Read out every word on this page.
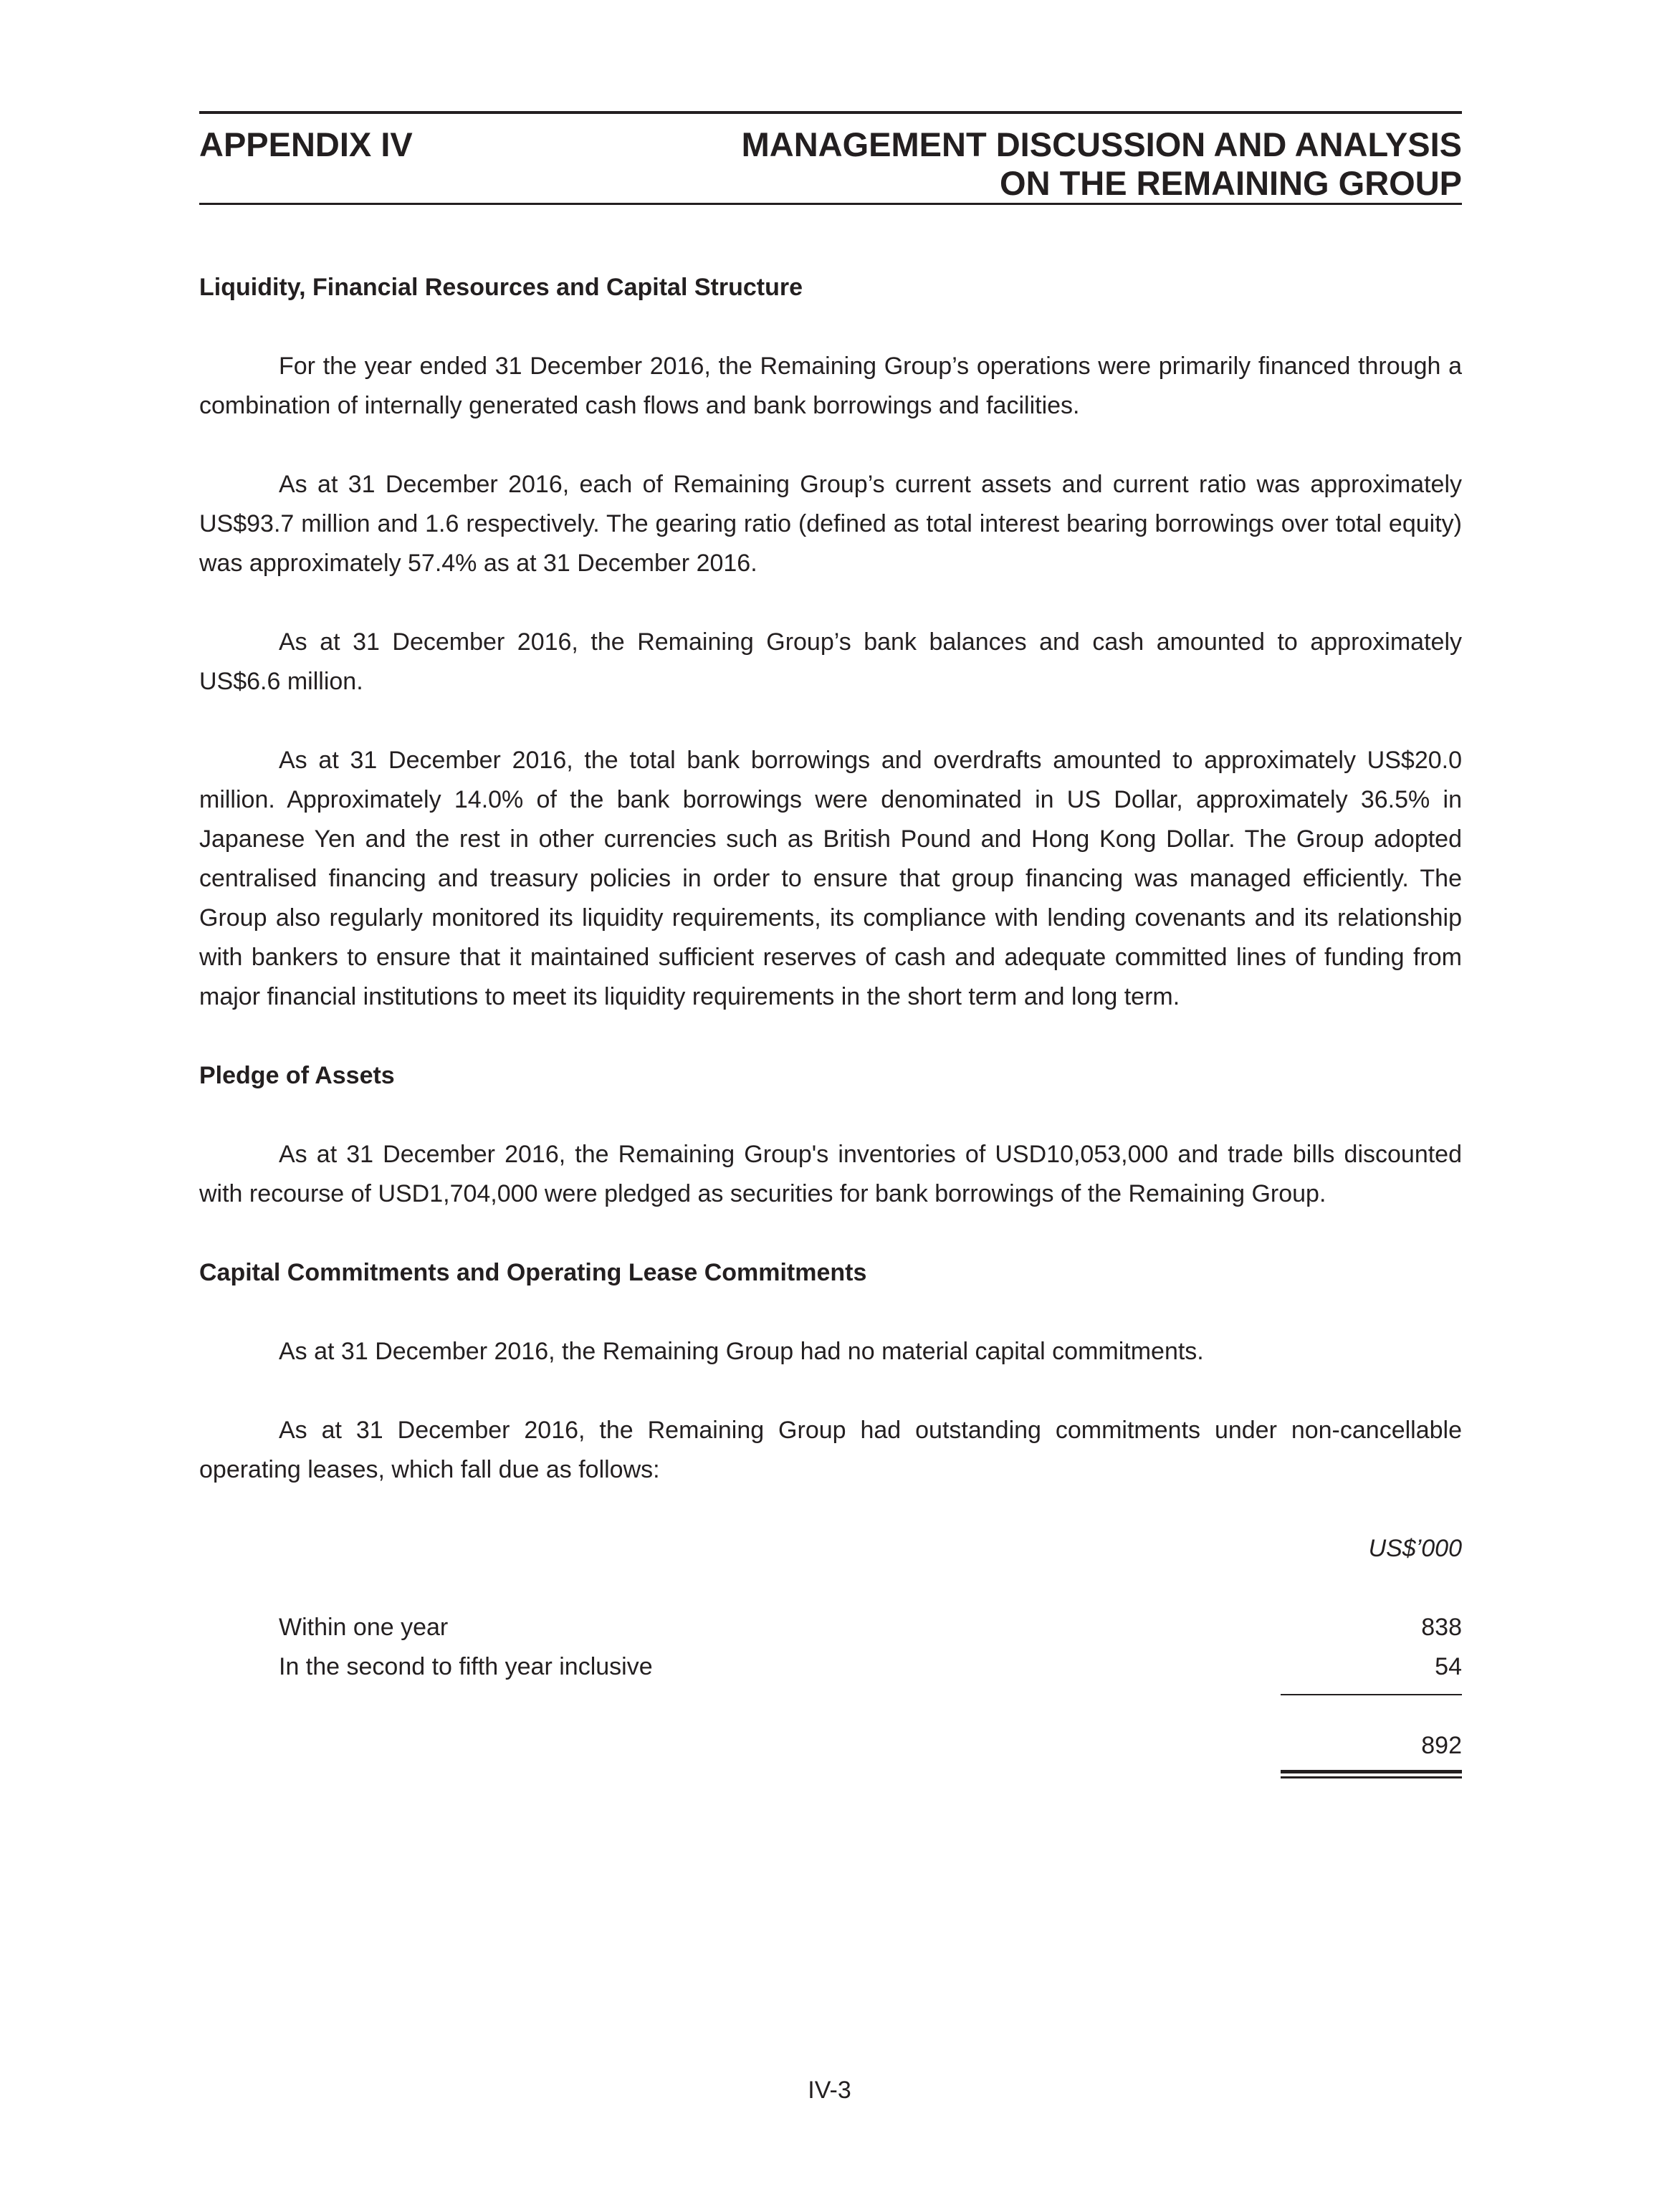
APPENDIX IV	MANAGEMENT DISCUSSION AND ANALYSIS
ON THE REMAINING GROUP

Liquidity, Financial Resources and Capital Structure

For the year ended 31 December 2016, the Remaining Group’s operations were primarily financed through a combination of internally generated cash flows and bank borrowings and facilities.

As at 31 December 2016, each of Remaining Group’s current assets and current ratio was approximately US$93.7 million and 1.6 respectively. The gearing ratio (defined as total interest bearing borrowings over total equity) was approximately 57.4% as at 31 December 2016.

As at 31 December 2016, the Remaining Group’s bank balances and cash amounted to approximately US$6.6 million.

As at 31 December 2016, the total bank borrowings and overdrafts amounted to approximately US$20.0 million. Approximately 14.0% of the bank borrowings were denominated in US Dollar, approximately 36.5% in Japanese Yen and the rest in other currencies such as British Pound and Hong Kong Dollar. The Group adopted centralised financing and treasury policies in order to ensure that group financing was managed efficiently. The Group also regularly monitored its liquidity requirements, its compliance with lending covenants and its relationship with bankers to ensure that it maintained sufficient reserves of cash and adequate committed lines of funding from major financial institutions to meet its liquidity requirements in the short term and long term.

Pledge of Assets

As at 31 December 2016, the Remaining Group's inventories of USD10,053,000 and trade bills discounted with recourse of USD1,704,000 were pledged as securities for bank borrowings of the Remaining Group.

Capital Commitments and Operating Lease Commitments

As at 31 December 2016, the Remaining Group had no material capital commitments.

As at 31 December 2016, the Remaining Group had outstanding commitments under non-cancellable operating leases, which fall due as follows:

US$’000
Within one year	838
In the second to fifth year inclusive	54
892
IV-3
